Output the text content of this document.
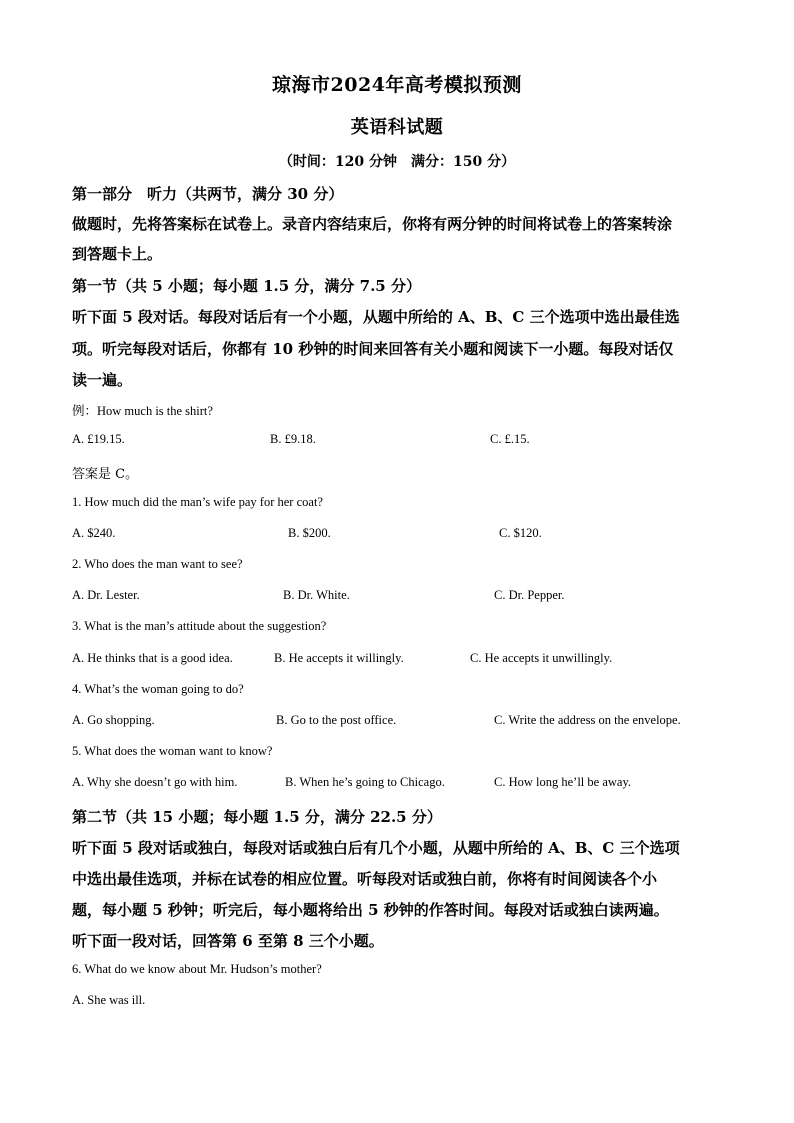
琼海市2024年高考模拟预测
英语科试题
（时间：120 分钟　满分：150 分）
第一部分　听力（共两节，满分 30 分）
做题时，先将答案标在试卷上。录音内容结束后，你将有两分钟的时间将试卷上的答案转涂
到答题卡上。
第一节（共 5 小题；每小题 1.5 分，满分 7.5 分）
听下面 5 段对话。每段对话后有一个小题，从题中所给的 A、B、C 三个选项中选出最佳选
项。听完每段对话后，你都有 10 秒钟的时间来回答有关小题和阅读下一小题。每段对话仅
读一遍。
例：How much is the shirt?
A. £19.15.	B. £9.18.	C. £.15.
答案是 C。
1. How much did the man’s wife pay for her coat?
A. $240.	B. $200.	C. $120.
2. Who does the man want to see?
A. Dr. Lester.	B. Dr. White.	C. Dr. Pepper.
3. What is the man’s attitude about the suggestion?
A. He thinks that is a good idea.	B. He accepts it willingly.	C. He accepts it unwillingly.
4. What’s the woman going to do?
A. Go shopping.	B. Go to the post office.	C. Write the address on the envelope.
5. What does the woman want to know?
A. Why she doesn’t go with him.	B. When he’s going to Chicago.	C. How long he’ll be away.
第二节（共 15 小题；每小题 1.5 分，满分 22.5 分）
听下面 5 段对话或独白，每段对话或独白后有几个小题，从题中所给的 A、B、C 三个选项
中选出最佳选项，并标在试卷的相应位置。听每段对话或独白前，你将有时间阅读各个小
题，每小题 5 秒钟；听完后，每小题将给出 5 秒钟的作答时间。每段对话或独白读两遍。
听下面一段对话，回答第 6 至第 8 三个小题。
6. What do we know about Mr. Hudson’s mother?
A. She was ill.
